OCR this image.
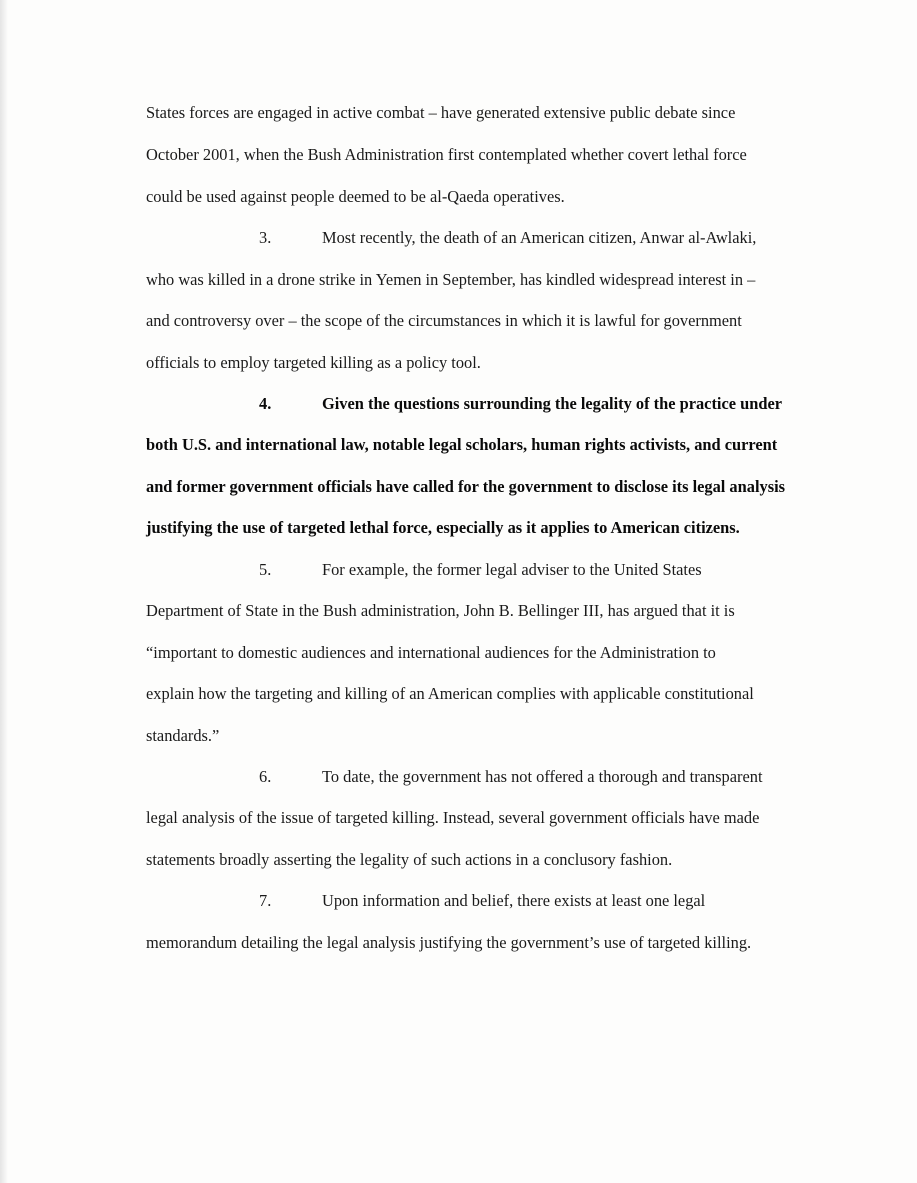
States forces are engaged in active combat – have generated extensive public debate since

October 2001, when the Bush Administration first contemplated whether covert lethal force

could be used against people deemed to be al-Qaeda operatives.

3.	Most recently, the death of an American citizen, Anwar al-Awlaki,

who was killed in a drone strike in Yemen in September, has kindled widespread interest in –

and controversy over – the scope of the circumstances in which it is lawful for government

officials to employ targeted killing as a policy tool.

4.	Given the questions surrounding the legality of the practice under

both U.S. and international law, notable legal scholars, human rights activists, and current

and former government officials have called for the government to disclose its legal analysis

justifying the use of targeted lethal force, especially as it applies to American citizens.

5.	For example, the former legal adviser to the United States

Department of State in the Bush administration, John B. Bellinger III, has argued that it is

“important to domestic audiences and international audiences for the Administration to

explain how the targeting and killing of an American complies with applicable constitutional

standards.”

6.	To date, the government has not offered a thorough and transparent

legal analysis of the issue of targeted killing. Instead, several government officials have made

statements broadly asserting the legality of such actions in a conclusory fashion.

7.	Upon information and belief, there exists at least one legal

memorandum detailing the legal analysis justifying the government’s use of targeted killing.
